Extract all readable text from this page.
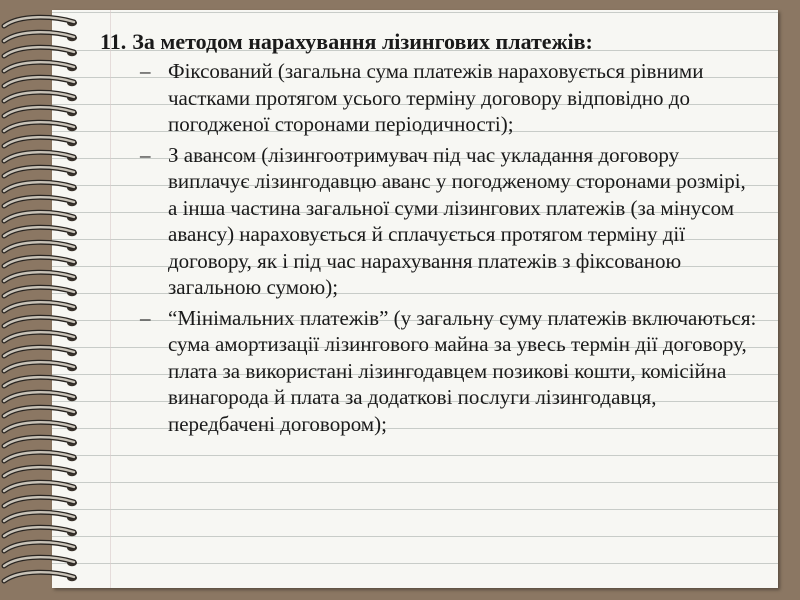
11. За методом нарахування лізингових платежів:
– Фіксований (загальна сума платежів нараховується рівними частками протягом усього терміну договору відповідно до погодженої сторонами періодичності);
– З авансом (лізингоотримувач під час укладання договору виплачує лізингодавцю аванс у погодженому сторонами розмірі, а інша частина загальної суми лізингових платежів (за мінусом авансу) нараховується й сплачується протягом терміну дії договору, як і під час нарахування платежів з фіксованою загальною сумою);
– “Мінімальних платежів” (у загальну суму платежів включаються: сума амортизації лізингового майна за увесь термін дії договору, плата за використані лізингодавцем позикові кошти, комісійна винагорода й плата за додаткові послуги лізингодавця, передбачені договором);
